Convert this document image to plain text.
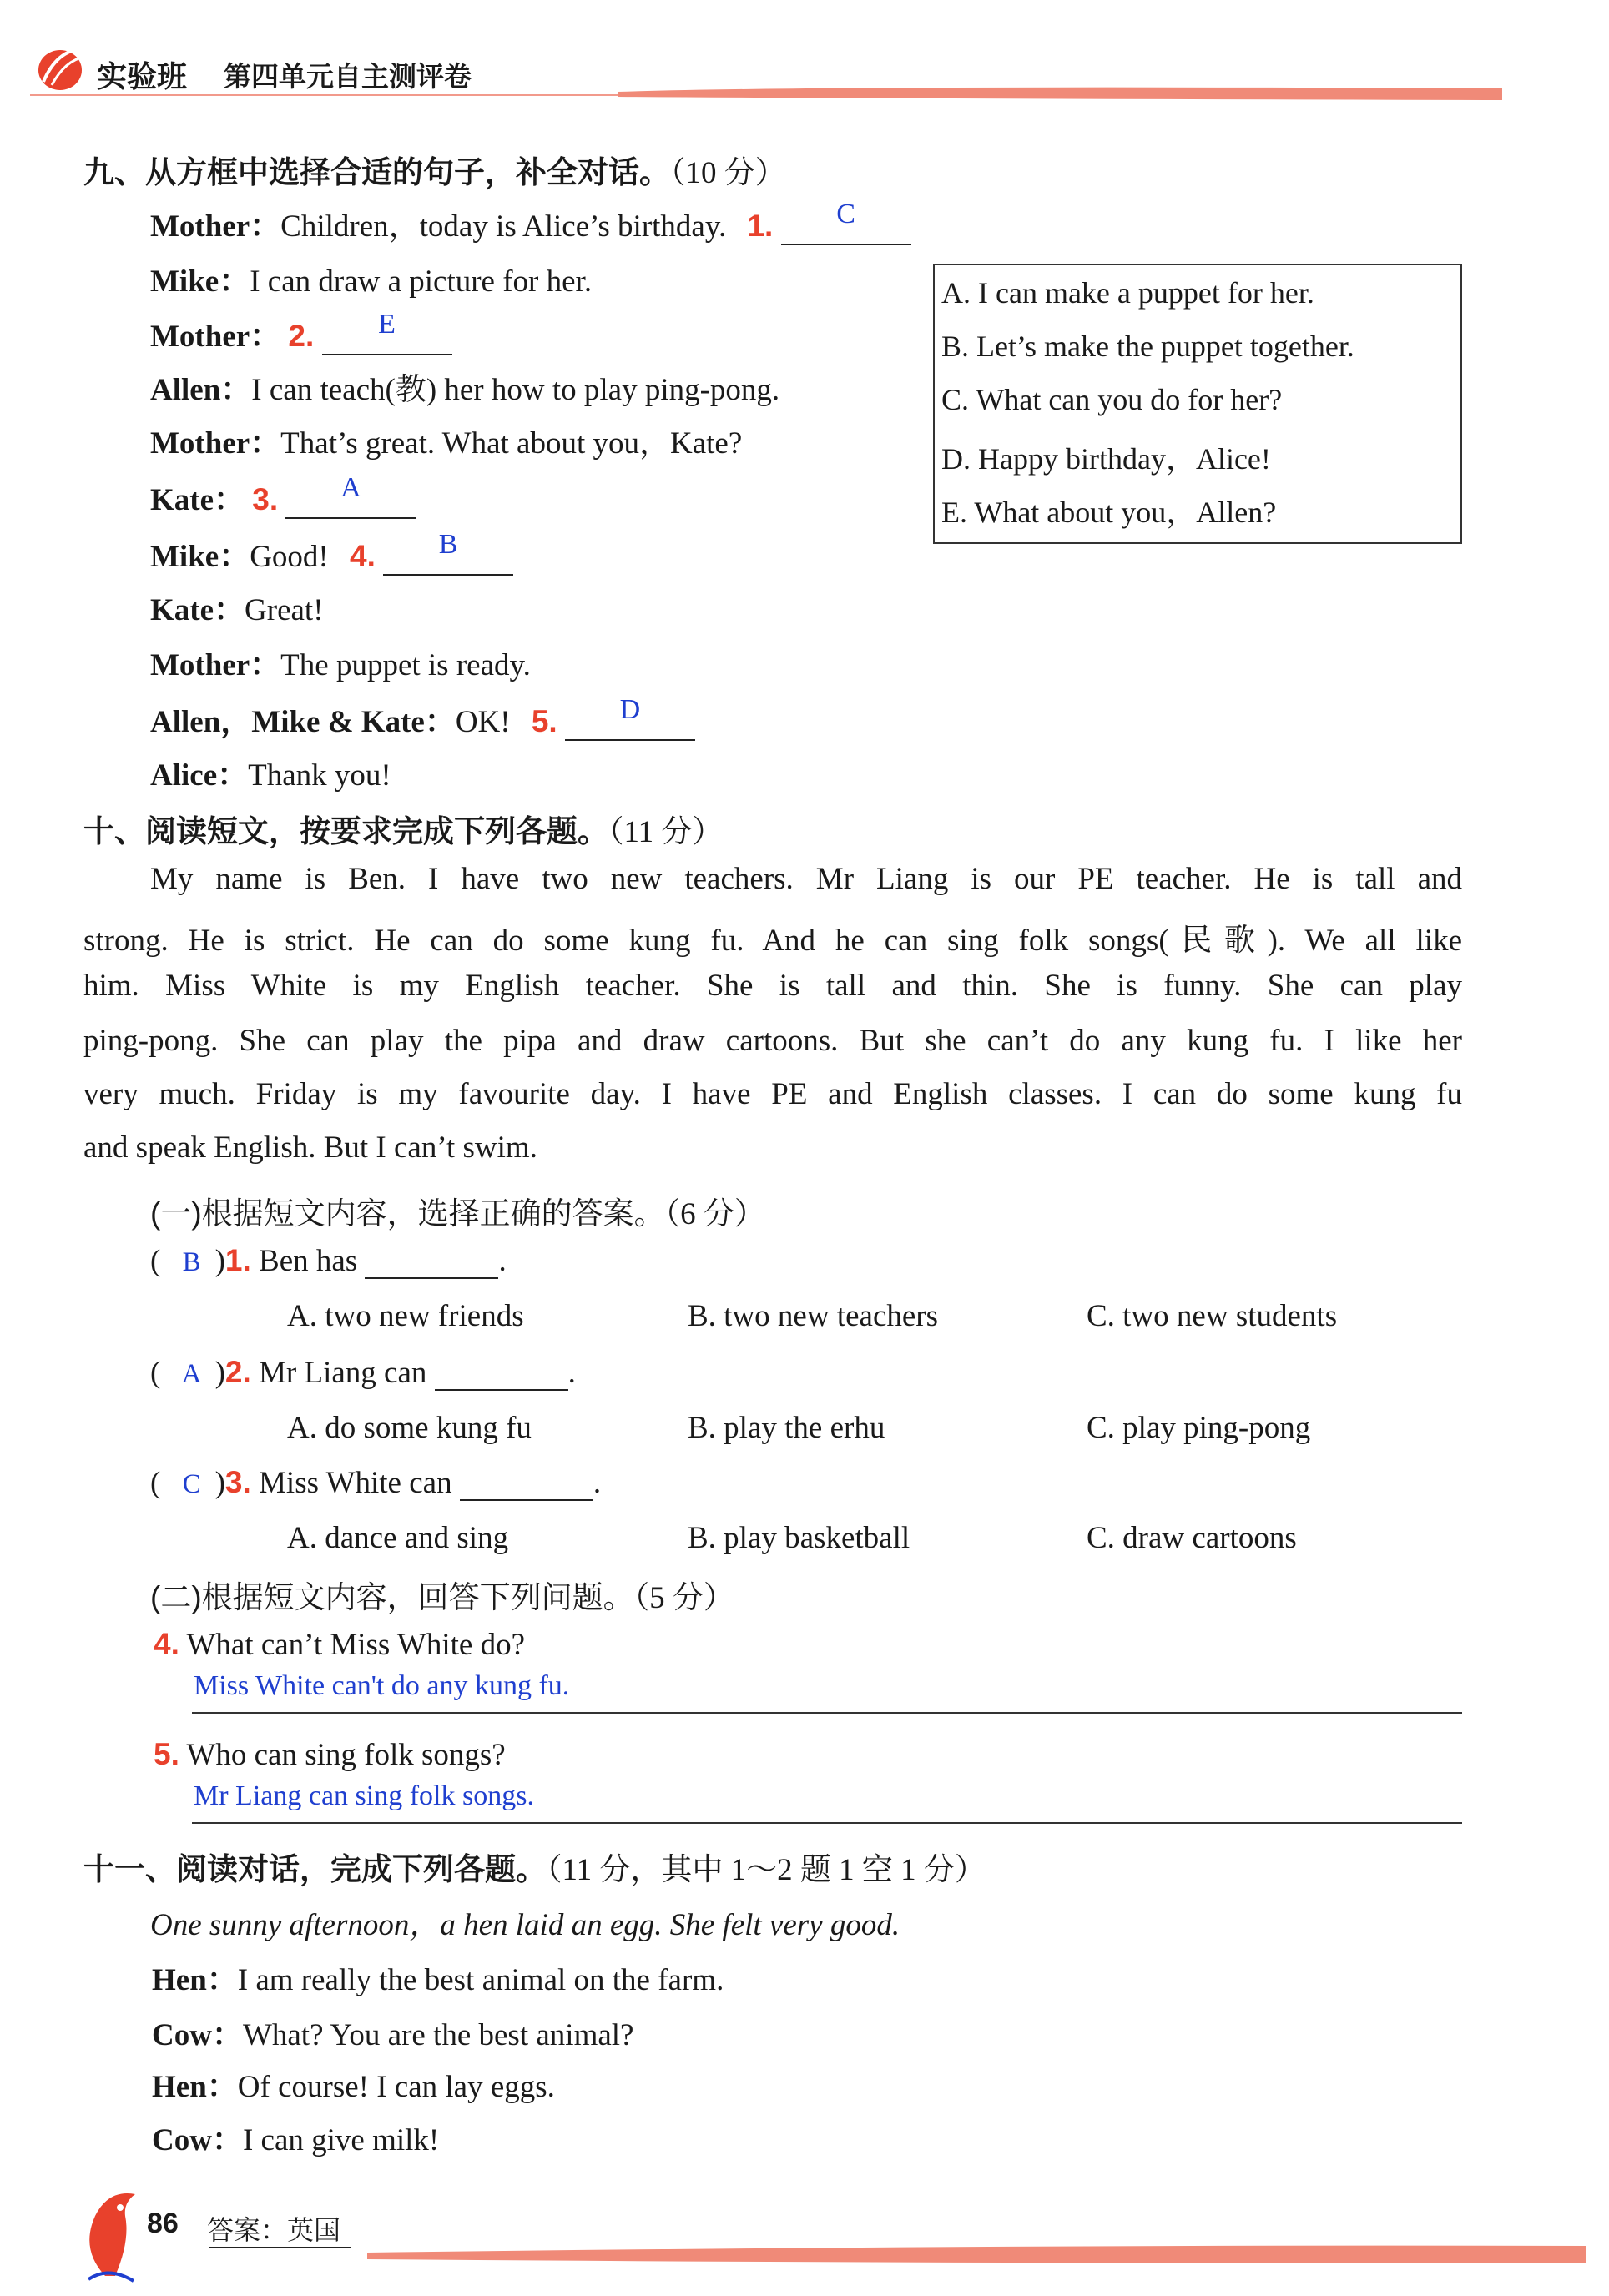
实验班 第四单元自主测评卷
九、从方框中选择合适的句子，补全对话。（10 分）
Mother：Children，today is Alice’s birthday. 1.	C
Mike：I can draw a picture for her.
Mother： 2.	E
Allen：I can teach(教) her how to play ping-pong.
Mother：That’s great. What about you，Kate?
Kate： 3.	A
Mike：Good! 4.	B
Kate：Great!
Mother：The puppet is ready.
Allen，Mike & Kate：OK! 5.	D
Alice：Thank you!
A. I can make a puppet for her.
B. Let’s make the puppet together.
C. What can you do for her?
D. Happy birthday，Alice!
E. What about you，Allen?
十、阅读短文，按要求完成下列各题。（11 分）
My name is Ben. I have two new teachers. Mr Liang is our PE teacher. He is tall and
strong. He is strict. He can do some kung fu. And he can sing folk songs(民歌). We all like
him. Miss White is my English teacher. She is tall and thin. She is funny. She can play
ping-pong. She can play the pipa and draw cartoons. But she can’t do any kung fu. I like her
very much. Friday is my favourite day. I have PE and English classes. I can do some kung fu
and speak English. But I can’t swim.
(一)根据短文内容，选择正确的答案。（6 分）
( B )1. Ben has	.
A. two new friends	B. two new teachers	C. two new students
( A )2. Mr Liang can	.
A. do some kung fu	B. play the erhu	C. play ping-pong
( C )3. Miss White can	.
A. dance and sing	B. play basketball	C. draw cartoons
(二)根据短文内容，回答下列问题。（5 分）
4. What can’t Miss White do?
Miss White can't do any kung fu.
5. Who can sing folk songs?
Mr Liang can sing folk songs.
十一、阅读对话，完成下列各题。（11 分，其中 1～2 题 1 空 1 分）
One sunny afternoon，a hen laid an egg. She felt very good.
Hen：I am really the best animal on the farm.
Cow：What? You are the best animal?
Hen：Of course! I can lay eggs.
Cow：I can give milk!
86 答案：英国
